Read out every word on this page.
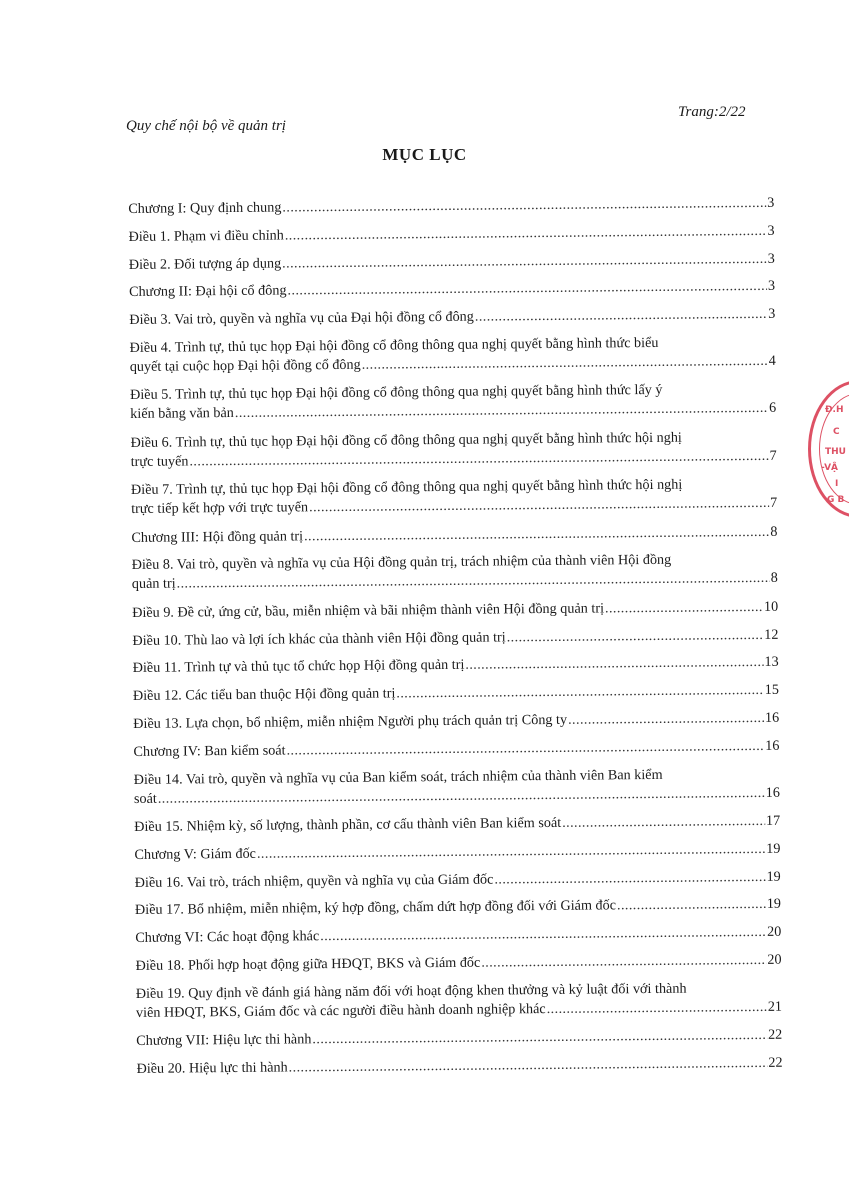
Quy chế nội bộ về quản trị
Trang:2/22
MỤC LỤC
Chương I: Quy định chung .....	3
Điều 1. Phạm vi điều chỉnh .....	3
Điều 2. Đối tượng áp dụng .....	3
Chương II: Đại hội cổ đông .....	3
Điều 3. Vai trò, quyền và nghĩa vụ của Đại hội đồng cổ đông .....	3
Điều 4. Trình tự, thủ tục họp Đại hội đồng cổ đông thông qua nghị quyết bằng hình thức biểu
quyết tại cuộc họp Đại hội đồng cổ đông .....	4
Điều 5. Trình tự, thủ tục họp Đại hội đồng cổ đông thông qua nghị quyết bằng hình thức lấy ý
kiến bằng văn bản .....	6
Điều 6. Trình tự, thủ tục họp Đại hội đồng cổ đông thông qua nghị quyết bằng hình thức hội nghị
trực tuyến .....	7
Điều 7. Trình tự, thủ tục họp Đại hội đồng cổ đông thông qua nghị quyết bằng hình thức hội nghị
trực tiếp kết hợp với trực tuyến .....	7
Chương III: Hội đồng quản trị .....	8
Điều 8. Vai trò, quyền và nghĩa vụ của Hội đồng quản trị, trách nhiệm của thành viên Hội đồng
quản trị .....	8
Điều 9. Đề cử, ứng cử, bầu, miễn nhiệm và bãi nhiệm thành viên Hội đồng quản trị .....	10
Điều 10. Thù lao và lợi ích khác của thành viên Hội đồng quản trị .....	12
Điều 11. Trình tự và thủ tục tổ chức họp Hội đồng quản trị .....	13
Điều 12. Các tiểu ban thuộc Hội đồng quản trị .....	15
Điều 13. Lựa chọn, bổ nhiệm, miễn nhiệm Người phụ trách quản trị Công ty .....	16
Chương IV: Ban kiểm soát .....	16
Điều 14. Vai trò, quyền và nghĩa vụ của Ban kiểm soát, trách nhiệm của thành viên Ban kiểm
soát .....	16
Điều 15. Nhiệm kỳ, số lượng, thành phần, cơ cấu thành viên Ban kiểm soát .....	17
Chương V: Giám đốc .....	19
Điều 16. Vai trò, trách nhiệm, quyền và nghĩa vụ của Giám đốc .....	19
Điều 17. Bổ nhiệm, miễn nhiệm, ký hợp đồng, chấm dứt hợp đồng đối với Giám đốc .....	19
Chương VI: Các hoạt động khác .....	20
Điều 18. Phối hợp hoạt động giữa HĐQT, BKS và Giám đốc .....	20
Điều 19. Quy định về đánh giá hàng năm đối với hoạt động khen thưởng và kỷ luật đối với thành
viên HĐQT, BKS, Giám đốc và các người điều hành doanh nghiệp khác .....	21
Chương VII: Hiệu lực thi hành .....	22
Điều 20. Hiệu lực thi hành .....	22
Đ.H
C
THU
-VẬ
I
G B
